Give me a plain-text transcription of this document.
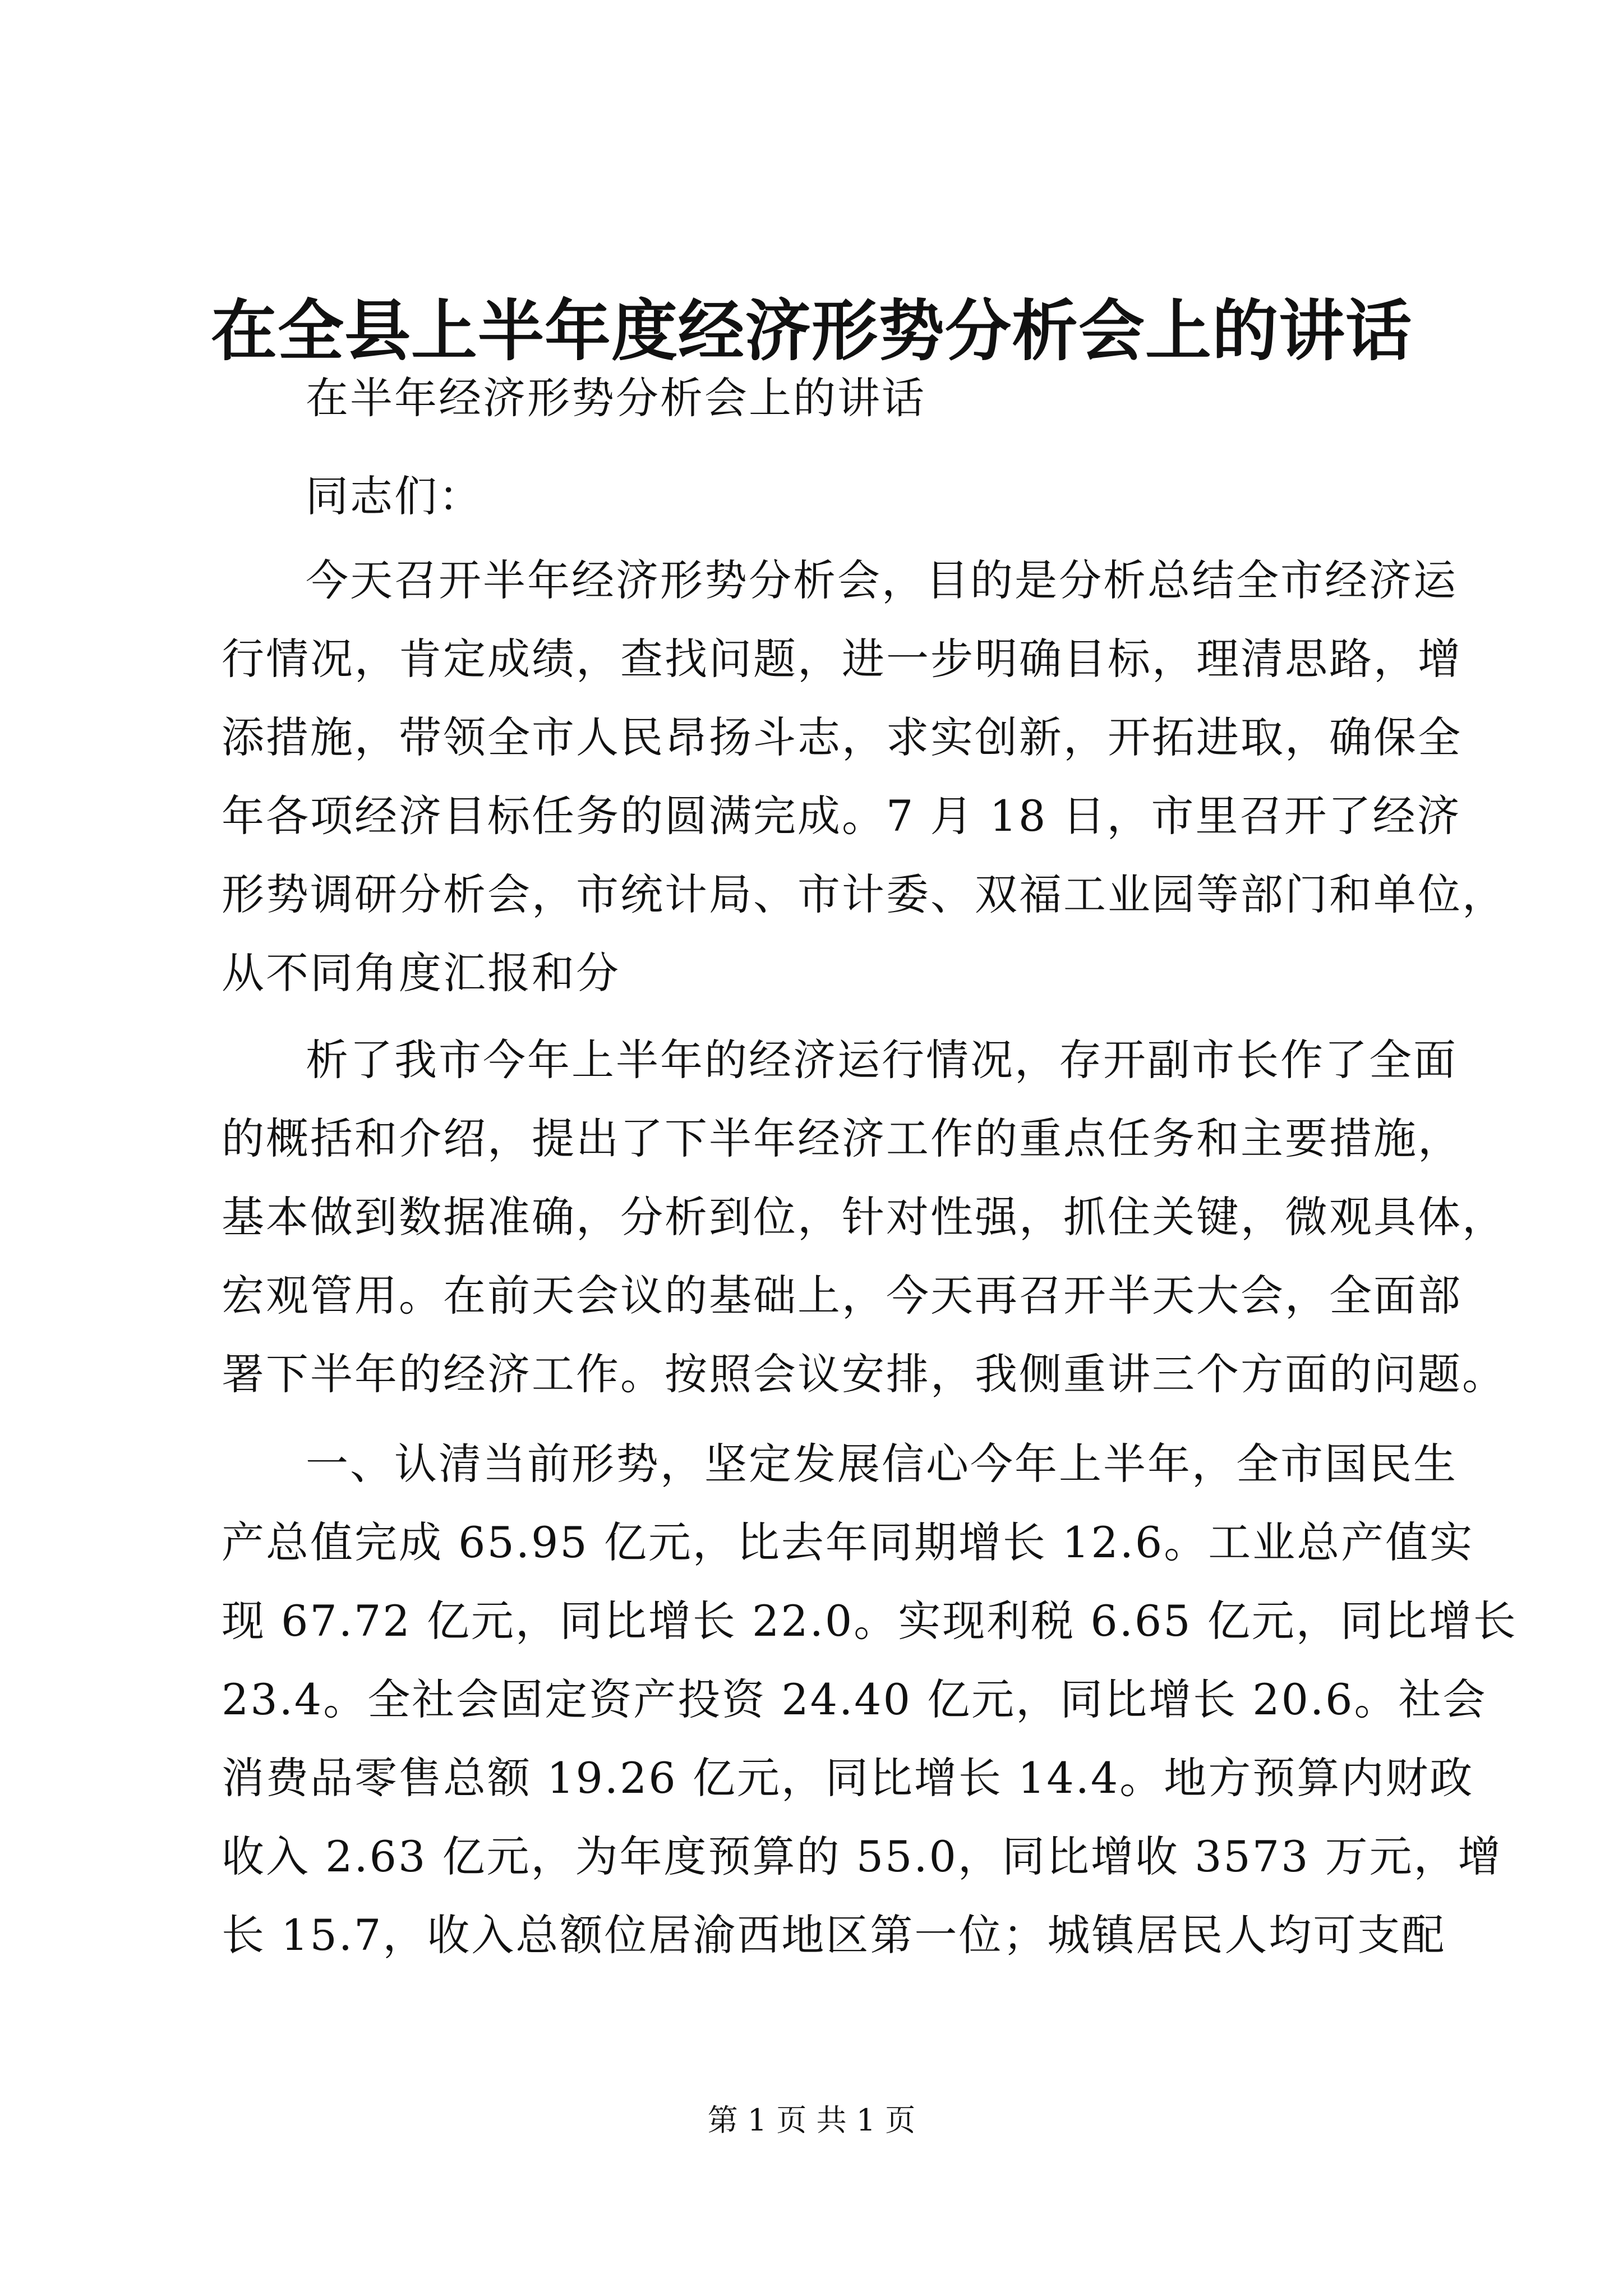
在全县上半年度经济形势分析会上的讲话
在半年经济形势分析会上的讲话
同志们：
今天召开半年经济形势分析会，目的是分析总结全市经济运
行情况，肯定成绩，查找问题，进一步明确目标，理清思路，增
添措施，带领全市人民昂扬斗志，求实创新，开拓进取，确保全
年各项经济目标任务的圆满完成。7 月 18 日，市里召开了经济
形势调研分析会，市统计局、市计委、双福工业园等部门和单位，
从不同角度汇报和分
析了我市今年上半年的经济运行情况，存开副市长作了全面
的概括和介绍，提出了下半年经济工作的重点任务和主要措施，
基本做到数据准确，分析到位，针对性强，抓住关键，微观具体，
宏观管用。在前天会议的基础上，今天再召开半天大会，全面部
署下半年的经济工作。按照会议安排，我侧重讲三个方面的问题。
一、认清当前形势，坚定发展信心今年上半年，全市国民生
产总值完成 65.95 亿元，比去年同期增长 12.6。工业总产值实
现 67.72 亿元，同比增长 22.0。实现利税 6.65 亿元，同比增长
23.4。全社会固定资产投资 24.40 亿元，同比增长 20.6。社会
消费品零售总额 19.26 亿元，同比增长 14.4。地方预算内财政
收入 2.63 亿元，为年度预算的 55.0，同比增收 3573 万元，增
长 15.7，收入总额位居渝西地区第一位；城镇居民人均可支配
第 1 页 共 1 页
